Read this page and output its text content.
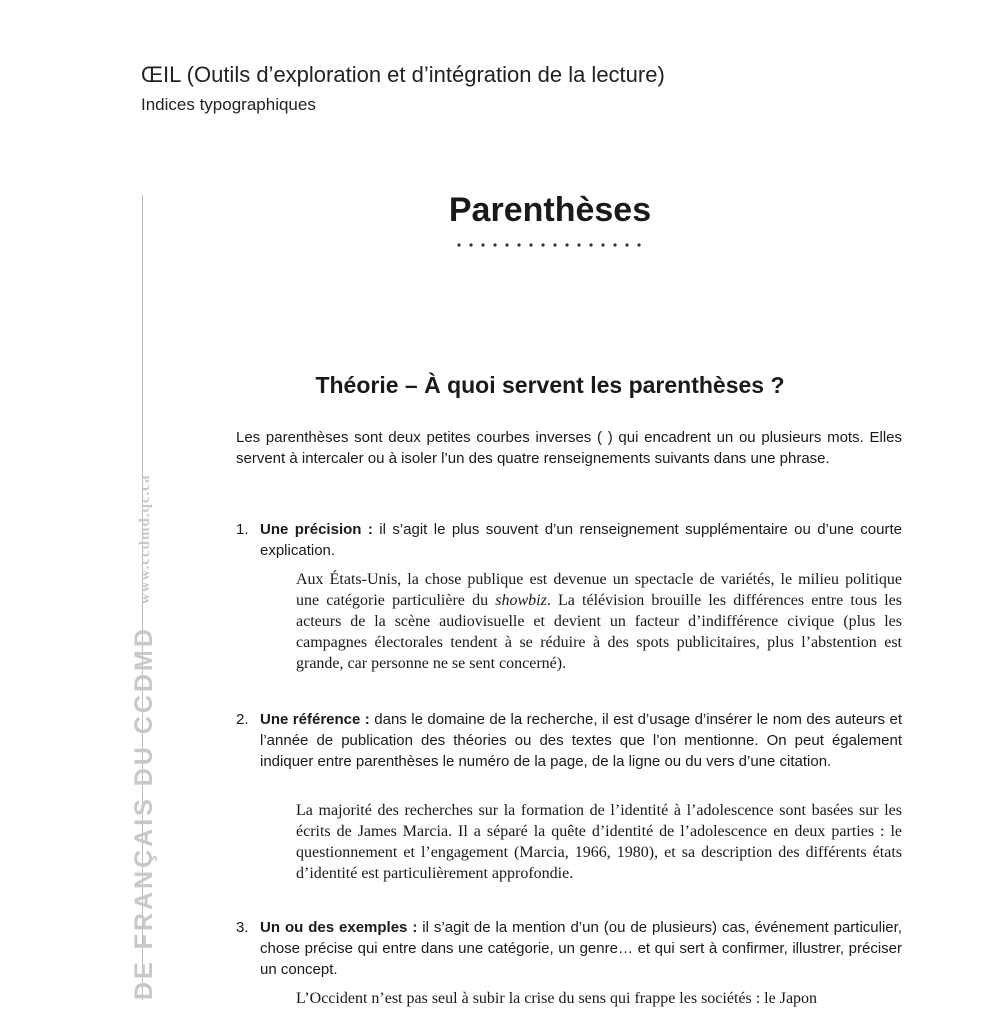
ŒIL (Outils d’exploration et d’intégration de la lecture)
Indices typographiques
DE FRANÇAIS DU CCDMDwww.ccdmd.qc.ca
Parenthèses
Théorie – À quoi servent les parenthèses ?
Les parenthèses sont deux petites courbes inverses ( ) qui encadrent un ou plusieurs mots. Elles servent à intercaler ou à isoler l’un des quatre renseignements suivants dans une phrase.
1. Une précision : il s’agit le plus souvent d’un renseignement supplémentaire ou d’une courte explication.
Aux États-Unis, la chose publique est devenue un spectacle de variétés, le milieu politique une catégorie particulière du showbiz. La télévision brouille les différences entre tous les acteurs de la scène audiovisuelle et devient un facteur d’indifférence civique (plus les campagnes électorales tendent à se réduire à des spots publicitaires, plus l’abstention est grande, car personne ne se sent concerné).
2. Une référence : dans le domaine de la recherche, il est d’usage d’insérer le nom des auteurs et l’année de publication des théories ou des textes que l’on mentionne. On peut également indiquer entre parenthèses le numéro de la page, de la ligne ou du vers d’une citation.
La majorité des recherches sur la formation de l’identité à l’adolescence sont basées sur les écrits de James Marcia. Il a séparé la quête d’identité de l’adolescence en deux parties : le questionnement et l’engagement (Marcia, 1966, 1980), et sa description des différents états d’identité est particulièrement approfondie.
3. Un ou des exemples : il s’agit de la mention d’un (ou de plusieurs) cas, événement particulier, chose précise qui entre dans une catégorie, un genre… et qui sert à confirmer, illustrer, préciser un concept.
L’Occident n’est pas seul à subir la crise du sens qui frappe les sociétés : le Japon
